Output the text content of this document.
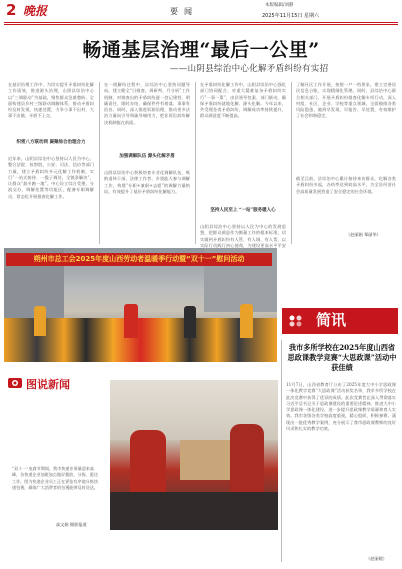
2 晚报	要闻
本版编辑/刘静
2025年11月15日 星期六
畅通基层治理“最后一公里”
——山阴县综治中心化解矛盾纠纷有实招
在基层治理工作中，为切实提升矛盾纠纷化解工作质效，推进源头治理，山阴县综治中心以“三调联动”为基础，聚焦群众急难愁盼，全面构建县乡村三级联动调解体系，推动矛盾纠纷及时发现、快速处置，力争小事不出村、大事不出镇、矛盾不上交。
织密八方联动网 凝聚综合治理合力
近年来，山阴县综治中心坚持以人民为中心，整合法院、检察院、公安、司法、信访等部门力量，建立矛盾纠纷多元化解工作机制，实行“一站式接待、一揽子调处、全链条解决”，让群众“最多跑一地”。中心设立综合受理、分流交办、调解处置等功能区，配备专职调解员，常态化开展排查化解工作。
在一线解纷过程中，县综治中心坚持问题导向，建立健全“日排查、周研判、月分析”工作机制，对排查出的矛盾纠纷逐一登记建档、明确责任、限时办结，确保件件有着落、事事有回音。同时，深入推进诉源治理，推动更多法治力量向引导和疏导端用力，把非诉讼纠纷解决机制挺在前面。
加强调解队伍 源头化解矛盾
山阴县综治中心积极培育专业化调解队伍，吸纳退休干部、法律工作者、乡贤能人参与调解工作，构建“专职+兼职+志愿”的调解力量格局，有效提升了基层矛盾纠纷化解能力。
在矛盾纠纷化解工作中，山阴县综治中心强化部门协同配合，对重大疑难复杂矛盾纠纷实行“一事一策”，由县领导包案、部门联动，确保矛盾纠纷就地化解、源头化解。今年以来，共受理各类矛盾纠纷，调解成功率持续提升，群众满意度不断提高。
坚持人民至上 “一站”服务暖人心
山阴县综治中心坚持以人民为中心的发展思想，把群众满意作为衡量工作的根本标准，切实做到矛盾纠纷有人管、有人调、有人帮，以实际行动践行初心使命，为建设更高水平平安
了解社区工作开展，按照一户一档要求，建立完善居民信息台账，实现精细化管理。同时，县综治中心联合相关部门，开展矛盾纠纷排查化解专项行动，深入村组、社区、企业、学校等重点领域，全面摸排各类风险隐患，做到早发现、早报告、早处置，有效维护了社会和谐稳定。
截至目前，县综治中心累计接待来访群众，化解各类矛盾纠纷多起，办结率达到较高水平，为全县经济社会高质量发展营造了安全稳定的社会环境。
（赵丽娟 郑丽华）
朔州市总工会2025年度山西劳动者温暖季行动暨“双十一”慰问活动
简讯
我市多所学校在2025年度山西省思政课教学竞赛“大思政课”活动中获佳绩
11月7日，山西省教育厅公布了2025年度大中小学思政课一体化教学竞赛“大思政课”活动获奖名单，我市多所学校在此次竞赛中获得了优异的成绩。此次竞赛旨在深入贯彻落实习近平总书记关于思政课建设的重要论述精神，推进大中小学思政课一体化建设，进一步提升思政课教学质量和育人实效。我市各级各类学校高度重视，精心组织，积极参赛，涌现出一批优秀教学案例，充分展示了我市思政课教师的良好风采和扎实的教学功底。
（赵丽媛）
图说新闻
“双十一”电商节期间，我市快递业务量迎来高峰，各快递企业加班加点做好揽收、分拣、派送工作。图为快递企业员工正在紧张有序地分拣快递包裹，确保广大消费者的包裹能够及时送达。
高文娟 摄影报道
